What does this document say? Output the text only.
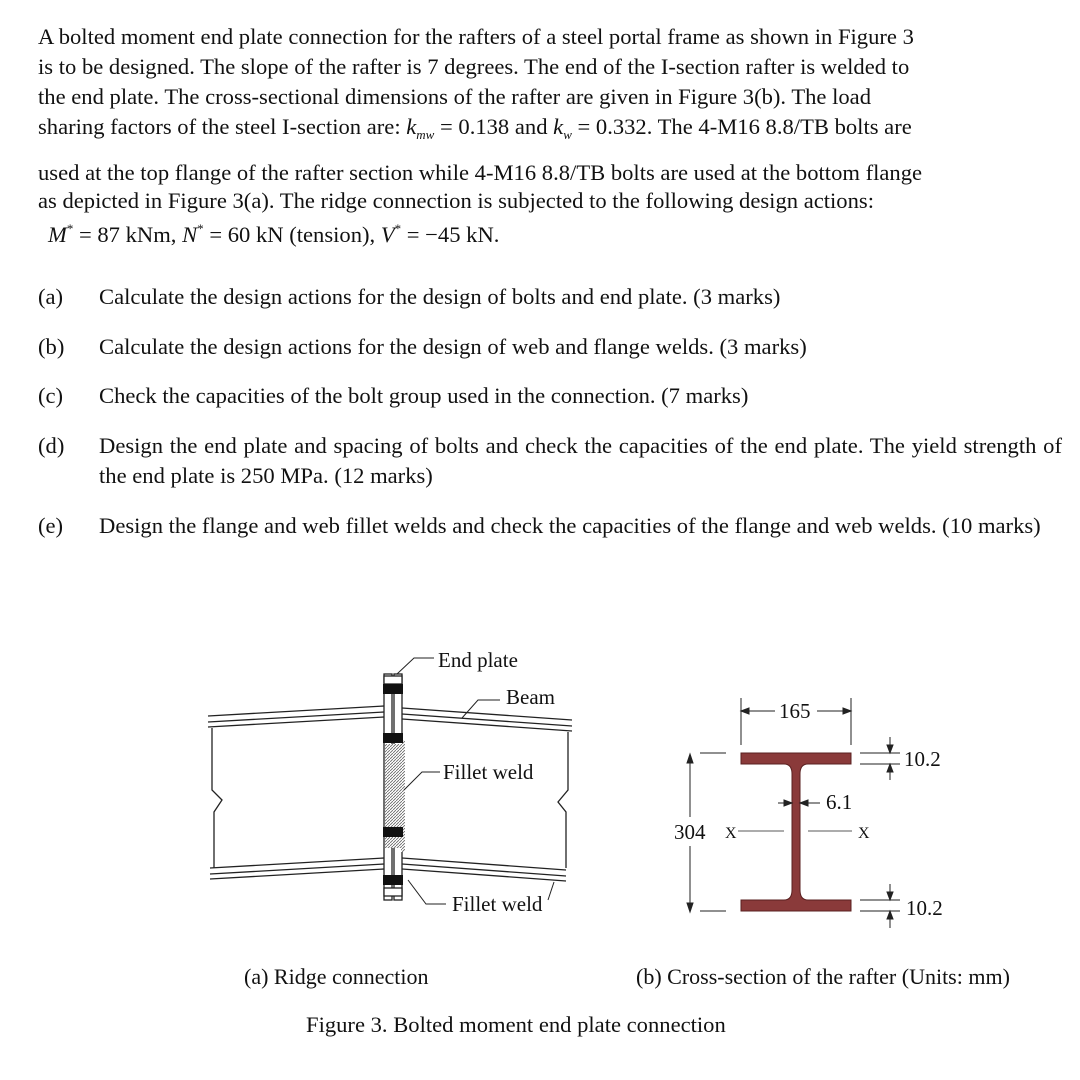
A bolted moment end plate connection for the rafters of a steel portal frame as shown in Figure 3
is to be designed. The slope of the rafter is 7 degrees. The end of the I-section rafter is welded to
the end plate. The cross-sectional dimensions of the rafter are given in Figure 3(b). The load
sharing factors of the steel I-section are: $k_{mw} = 0.138$ and $k_w = 0.332$. The 4-M16 8.8/TB bolts are
used at the top flange of the rafter section while 4-M16 8.8/TB bolts are used at the bottom flange
as depicted in Figure 3(a). The ridge connection is subjected to the following design actions:
M* = 87 kNm, N* = 60 kN (tension), V* = −45 kN.
(a)	Calculate the design actions for the design of bolts and end plate. (3 marks)
(b)	Calculate the design actions for the design of web and flange welds. (3 marks)
(c)	Check the capacities of the bolt group used in the connection. (7 marks)
(d)	Design the end plate and spacing of bolts and check the capacities of the end plate. The yield strength of the end plate is 250 MPa. (12 marks)
(e)	Design the flange and web fillet welds and check the capacities of the flange and web welds. (10 marks)
End plate
Beam
Fillet weld
Fillet weld
165
10.2
6.1
304 X	X
10.2
(a) Ridge connection	(b) Cross-section of the rafter (Units: mm)
Figure 3. Bolted moment end plate connection
